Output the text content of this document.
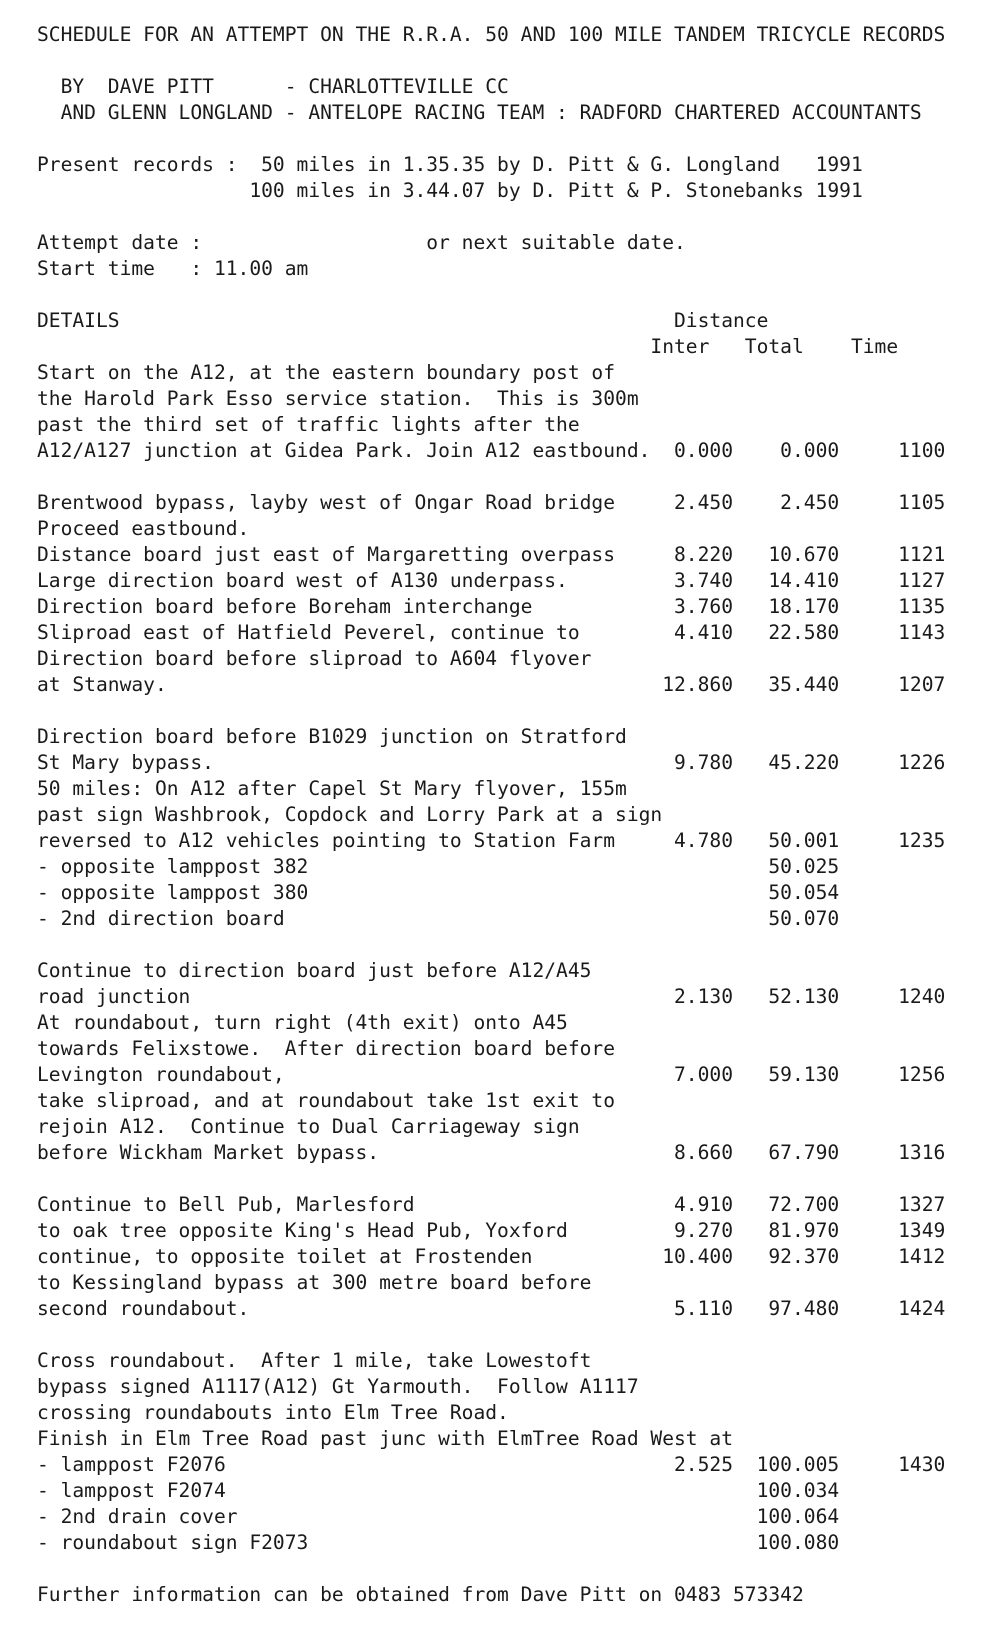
SCHEDULE FOR AN ATTEMPT ON THE R.R.A. 50 AND 100 MILE TANDEM TRICYCLE RECORDS
BY  DAVE PITT      - CHARLOTTEVILLE CC
AND GLENN LONGLAND - ANTELOPE RACING TEAM : RADFORD CHARTERED ACCOUNTANTS
Present records :  50 miles in 1.35.35 by D. Pitt & G. Longland   1991
100 miles in 3.44.07 by D. Pitt & P. Stonebanks 1991
Attempt date :                   or next suitable date.
Start time   : 11.00 am
DETAILS                                               Distance
Inter   Total    Time
Start on the A12, at the eastern boundary post of
the Harold Park Esso service station.  This is 300m
past the third set of traffic lights after the
A12/A127 junction at Gidea Park. Join A12 eastbound.  0.000    0.000     1100
Brentwood bypass, layby west of Ongar Road bridge     2.450    2.450     1105
Proceed eastbound.
Distance board just east of Margaretting overpass     8.220   10.670     1121
Large direction board west of A130 underpass.         3.740   14.410     1127
Direction board before Boreham interchange            3.760   18.170     1135
Sliproad east of Hatfield Peverel, continue to        4.410   22.580     1143
Direction board before sliproad to A604 flyover
at Stanway.                                          12.860   35.440     1207
Direction board before B1029 junction on Stratford
St Mary bypass.                                       9.780   45.220     1226
50 miles: On A12 after Capel St Mary flyover, 155m
past sign Washbrook, Copdock and Lorry Park at a sign
reversed to A12 vehicles pointing to Station Farm     4.780   50.001     1235
- opposite lamppost 382                                       50.025
- opposite lamppost 380                                       50.054
- 2nd direction board                                         50.070
Continue to direction board just before A12/A45
road junction                                         2.130   52.130     1240
At roundabout, turn right (4th exit) onto A45
towards Felixstowe.  After direction board before
Levington roundabout,                                 7.000   59.130     1256
take sliproad, and at roundabout take 1st exit to
rejoin A12.  Continue to Dual Carriageway sign
before Wickham Market bypass.                         8.660   67.790     1316
Continue to Bell Pub, Marlesford                      4.910   72.700     1327
to oak tree opposite King's Head Pub, Yoxford         9.270   81.970     1349
continue, to opposite toilet at Frostenden           10.400   92.370     1412
to Kessingland bypass at 300 metre board before
second roundabout.                                    5.110   97.480     1424
Cross roundabout.  After 1 mile, take Lowestoft
bypass signed A1117(A12) Gt Yarmouth.  Follow A1117
crossing roundabouts into Elm Tree Road.
Finish in Elm Tree Road past junc with ElmTree Road West at
- lamppost F2076                                      2.525  100.005     1430
- lamppost F2074                                             100.034
- 2nd drain cover                                            100.064
- roundabout sign F2073                                      100.080
Further information can be obtained from Dave Pitt on 0483 573342
